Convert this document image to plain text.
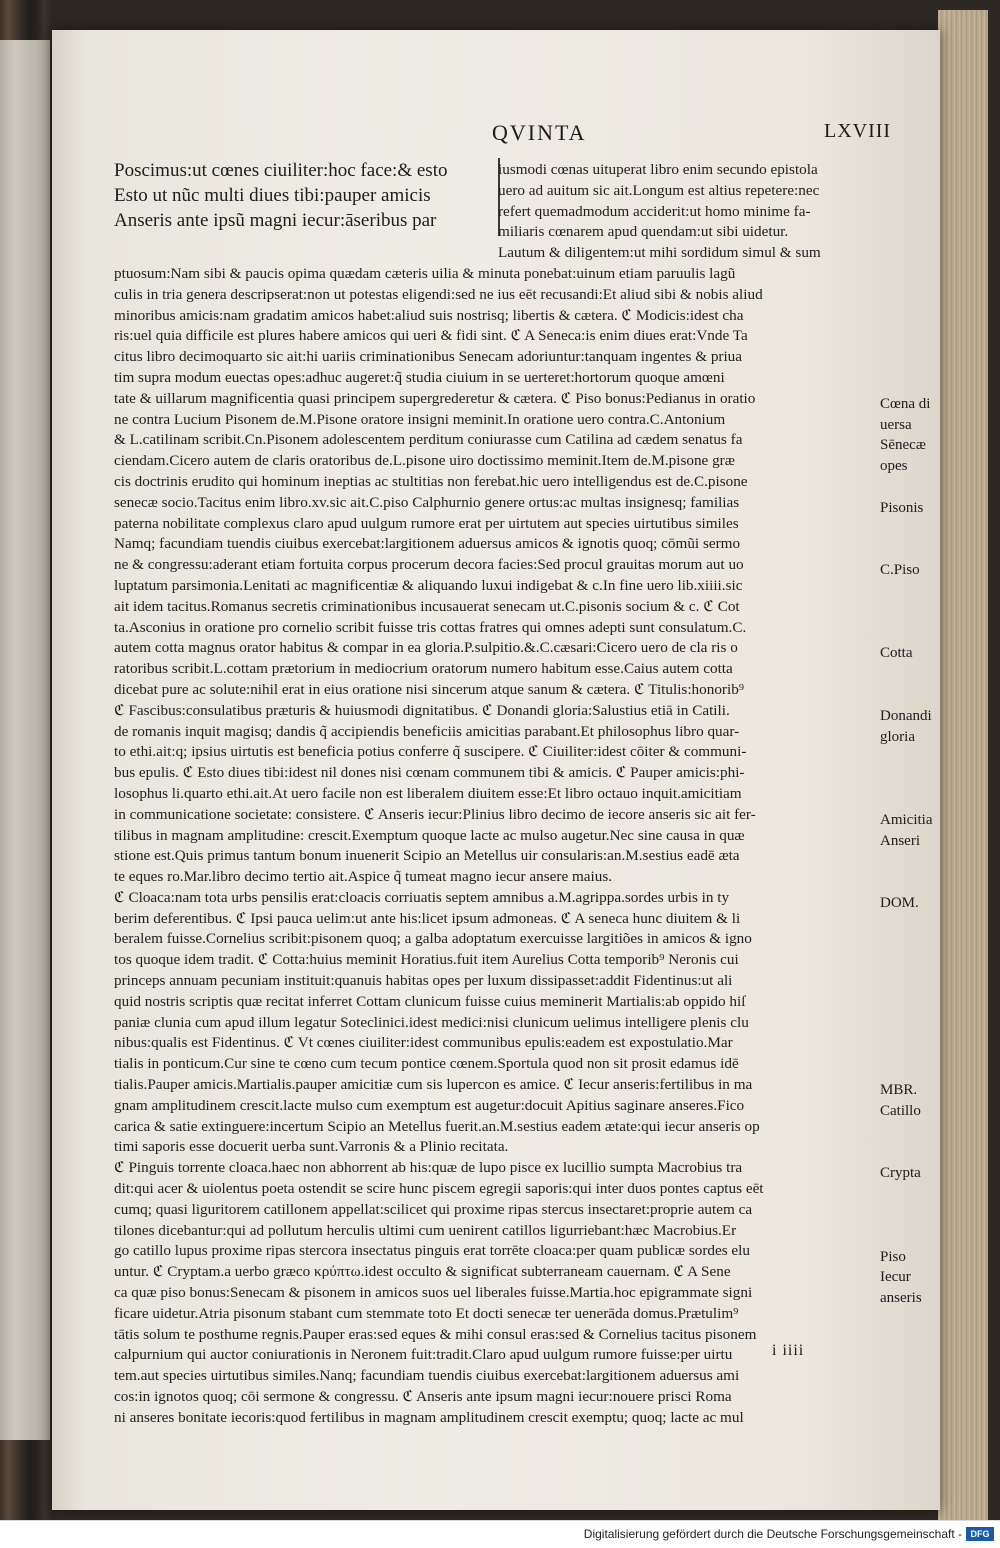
QVINTA	LXVIII
Poscimus:ut cœnes ciuiliter:hoc face:& esto
Esto ut nũc multi diues tibi:pauper amicis
Anseris ante ipsũ magni iecur:āseribus par
iusmodi cœnas uituperat libro enim secundo epistola
uero ad auitum sic ait.Longum est altius repetere:nec
refert quemadmodum acciderit:ut homo minime fa-
miliaris cœnarem apud quendam:ut sibi uidetur.
Lautum & diligentem:ut mihi sordidum simul & sum
ptuosum:Nam sibi & paucis opima quædam cæteris uilia & minuta ponebat:uinum etiam paruulis lagũ
culis in tria genera descripserat:non ut potestas eligendi:sed ne ius eēt recusandi:Et aliud sibi & nobis aliud
minoribus amicis:nam gradatim amicos habet:aliud suis nostrisq; libertis & cætera. ℭ Modicis:idest cha
ris:uel quia difficile est plures habere amicos qui ueri & fidi sint. ℭ A Seneca:is enim diues erat:Vnde Ta
citus libro decimoquarto sic ait:hi uariis criminationibus Senecam adoriuntur:tanquam ingentes & priua
tim supra modum euectas opes:adhuc augeret:q̃ studia ciuium in se uerteret:hortorum quoque amœni
tate & uillarum magnificentia quasi principem supergrederetur & cætera. ℭ Piso bonus:Pedianus in oratio
ne contra Lucium Pisonem de.M.Pisone oratore insigni meminit.In oratione uero contra.C.Antonium
& L.catilinam scribit.Cn.Pisonem adolescentem perditum coniurasse cum Catilina ad cædem senatus fa
ciendam.Cicero autem de claris oratoribus de.L.pisone uiro doctissimo meminit.Item de.M.pisone græ
cis doctrinis erudito qui hominum ineptias ac stultitias non ferebat.hic uero intelligendus est de.C.pisone
senecæ socio.Tacitus enim libro.xv.sic ait.C.piso Calphurnio genere ortus:ac multas insignesq; familias
paterna nobilitate complexus claro apud uulgum rumore erat per uirtutem aut species uirtutibus similes
Namq; facundiam tuendis ciuibus exercebat:largitionem aduersus amicos & ignotis quoq; cōmũi sermo
ne & congressu:aderant etiam fortuita corpus procerum decora facies:Sed procul grauitas morum aut uo
luptatum parsimonia.Lenitati ac magnificentiæ & aliquando luxui indigebat & c.In fine uero lib.xiiii.sic
ait idem tacitus.Romanus secretis criminationibus incusauerat senecam ut.C.pisonis socium & c. ℭ Cot
ta.Asconius in oratione pro cornelio scribit fuisse tris cottas fratres qui omnes adepti sunt consulatum.C.
autem cotta magnus orator habitus & compar in ea gloria.P.sulpitio.&.C.cæsari:Cicero uero de cla ris o
ratoribus scribit.L.cottam prætorium in mediocrium oratorum numero habitum esse.Caius autem cotta
dicebat pure ac solute:nihil erat in eius oratione nisi sincerum atque sanum & cætera. ℭ Titulis:honorib⁹
ℭ Fascibus:consulatibus præturis & huiusmodi dignitatibus. ℭ Donandi gloria:Salustius etiā in Catili.
de romanis inquit magisq; dandis q̃ accipiendis beneficiis amicitias parabant.Et philosophus libro quar-
to ethi.ait:q; ipsius uirtutis est beneficia potius conferre q̃ suscipere. ℭ Ciuiliter:idest cōiter & communi-
bus epulis. ℭ Esto diues tibi:idest nil dones nisi cœnam communem tibi & amicis. ℭ Pauper amicis:phi-
losophus li.quarto ethi.ait.At uero facile non est liberalem diuitem esse:Et libro octauo inquit.amicitiam
in communicatione societate: consistere. ℭ Anseris iecur:Plinius libro decimo de iecore anseris sic ait fer-
tilibus in magnam amplitudine: crescit.Exemptum quoque lacte ac mulso augetur.Nec sine causa in quæ
stione est.Quis primus tantum bonum inuenerit Scipio an Metellus uir consularis:an.M.sestius eadē æta
te eques ro.Mar.libro decimo tertio ait.Aspice q̃ tumeat magno iecur ansere maius.
ℭ Cloaca:nam tota urbs pensilis erat:cloacis corriuatis septem amnibus a.M.agrippa.sordes urbis in ty
berim deferentibus. ℭ Ipsi pauca uelim:ut ante his:licet ipsum admoneas. ℭ A seneca hunc diuitem & li
beralem fuisse.Cornelius scribit:pisonem quoq; a galba adoptatum exercuisse largitiões in amicos & igno
tos quoque idem tradit. ℭ Cotta:huius meminit Horatius.fuit item Aurelius Cotta temporib⁹ Neronis cui
princeps annuam pecuniam instituit:quanuis habitas opes per luxum dissipasset:addit Fidentinus:ut ali
quid nostris scriptis quæ recitat inferret Cottam clunicum fuisse cuius meminerit Martialis:ab oppido hiſ
paniæ clunia cum apud illum legatur Soteclinici.idest medici:nisi clunicum uelimus intelligere plenis clu
nibus:qualis est Fidentinus. ℭ Vt cœnes ciuiliter:idest communibus epulis:eadem est expostulatio.Mar
tialis in ponticum.Cur sine te cœno cum tecum pontice cœnem.Sportula quod non sit prosit edamus idē
tialis.Pauper amicis.Martialis.pauper amicitiæ cum sis lupercon es amice. ℭ Iecur anseris:fertilibus in ma
gnam amplitudinem crescit.lacte mulso cum exemptum est augetur:docuit Apitius saginare anseres.Fico
carica & satie extinguere:incertum Scipio an Metellus fuerit.an.M.sestius eadem ætate:qui iecur anseris op
timi saporis esse docuerit uerba sunt.Varronis & a Plinio recitata.
ℭ Pinguis torrente cloaca.haec non abhorrent ab his:quæ de lupo pisce ex lucillio sumpta Macrobius tra
dit:qui acer & uiolentus poeta ostendit se scire hunc piscem egregii saporis:qui inter duos pontes captus eēt
cumq; quasi liguritorem catillonem appellat:scilicet qui proxime ripas stercus insectaret:proprie autem ca
tilones dicebantur:qui ad pollutum herculis ultimi cum uenirent catillos ligurriebant:hæc Macrobius.Er
go catillo lupus proxime ripas stercora insectatus pinguis erat torrēte cloaca:per quam publicæ sordes elu
untur. ℭ Cryptam.a uerbo græco κρύπτω.idest occulto & significat subterraneam cauernam. ℭ A Sene
ca quæ piso bonus:Senecam & pisonem in amicos suos uel liberales fuisse.Martia.hoc epigrammate signi
ficare uidetur.Atria pisonum stabant cum stemmate toto Et docti senecæ ter uenerāda domus.Prætulim⁹
tātis solum te posthume regnis.Pauper eras:sed eques & mihi consul eras:sed & Cornelius tacitus pisonem
calpurnium qui auctor coniurationis in Neronem fuit:tradit.Claro apud uulgum rumore fuisse:per uirtu
tem.aut species uirtutibus similes.Nanq; facundiam tuendis ciuibus exercebat:largitionem aduersus ami
cos:in ignotos quoq; cōi sermone & congressu. ℭ Anseris ante ipsum magni iecur:nouere prisci Roma
ni anseres bonitate iecoris:quod fertilibus in magnam amplitudinem crescit exemptu; quoq; lacte ac mul
Cœna di
uersa
Sēnecæ
opes
Pisonis
C.Piso
Cotta
Donandi
gloria
Amicitia
Anseri
DOM.
MBR.
Catillo
Crypta
Piso
Iecur
anseris
i iiii
Digitalisierung gefördert durch die Deutsche Forschungsgemeinschaft - DFG
